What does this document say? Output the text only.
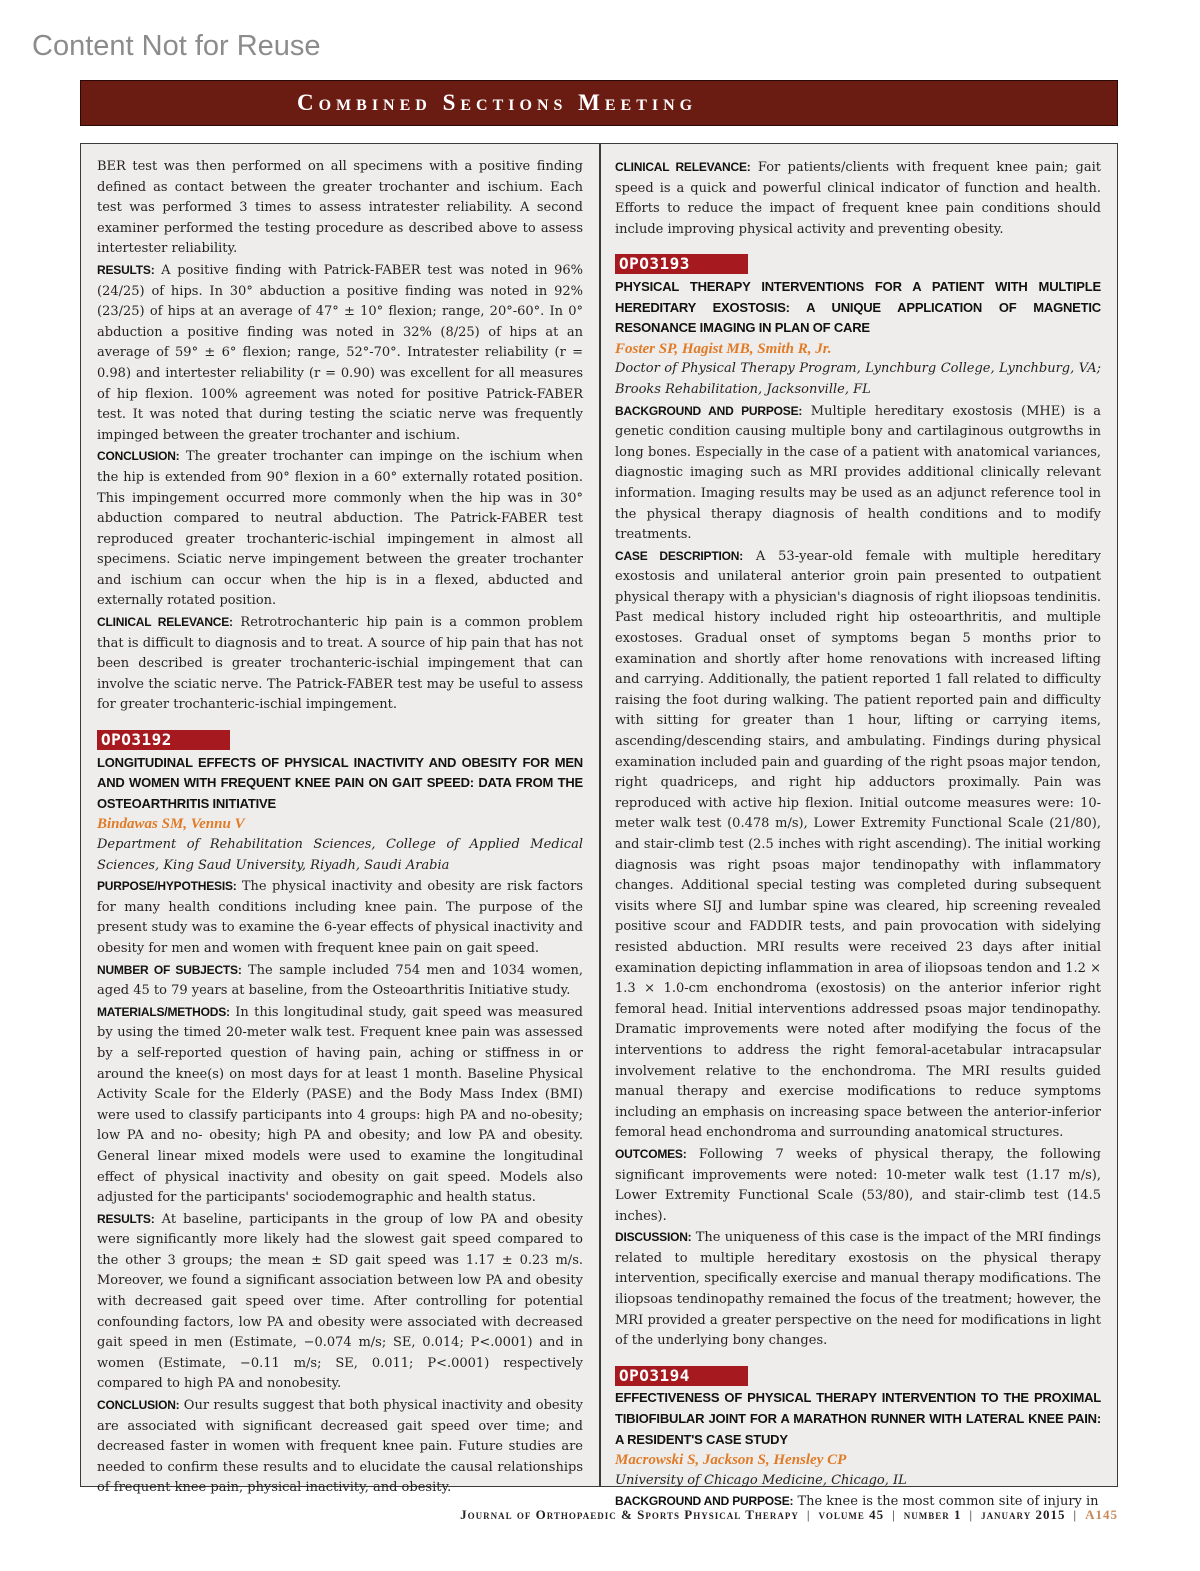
Content Not for Reuse
Combined Sections Meeting

BER test was then performed on all specimens with a positive finding defined as contact between the greater trochanter and ischium. Each test was performed 3 times to assess intratester reliability. A second examiner performed the testing procedure as described above to assess intertester reliability.

RESULTS: A positive finding with Patrick-FABER test was noted in 96% (24/25) of hips. In 30° abduction a positive finding was noted in 92% (23/25) of hips at an average of 47° ± 10° flexion; range, 20°-60°. In 0° abduction a positive finding was noted in 32% (8/25) of hips at an average of 59° ± 6° flexion; range, 52°-70°. Intratester reliability (r = 0.98) and intertester reliability (r = 0.90) was excellent for all measures of hip flexion. 100% agreement was noted for positive Patrick-FABER test. It was noted that during testing the sciatic nerve was frequently impinged between the greater trochanter and ischium.

CONCLUSION: The greater trochanter can impinge on the ischium when the hip is extended from 90° flexion in a 60° externally rotated position. This impingement occurred more commonly when the hip was in 30° abduction compared to neutral abduction. The Patrick-FABER test reproduced greater trochanteric-ischial impingement in almost all specimens. Sciatic nerve impingement between the greater trochanter and ischium can occur when the hip is in a flexed, abducted and externally rotated position.

CLINICAL RELEVANCE: Retrotrochanteric hip pain is a common problem that is difficult to diagnosis and to treat. A source of hip pain that has not been described is greater trochanteric-ischial impingement that can involve the sciatic nerve. The Patrick-FABER test may be useful to assess for greater trochanteric-ischial impingement.

OPO3192
LONGITUDINAL EFFECTS OF PHYSICAL INACTIVITY AND OBESITY FOR MEN AND WOMEN WITH FREQUENT KNEE PAIN ON GAIT SPEED: DATA FROM THE OSTEOARTHRITIS INITIATIVE
Bindawas SM, Vennu V
Department of Rehabilitation Sciences, College of Applied Medical Sciences, King Saud University, Riyadh, Saudi Arabia

PURPOSE/HYPOTHESIS: The physical inactivity and obesity are risk factors for many health conditions including knee pain. The purpose of the present study was to examine the 6-year effects of physical inactivity and obesity for men and women with frequent knee pain on gait speed.

NUMBER OF SUBJECTS: The sample included 754 men and 1034 women, aged 45 to 79 years at baseline, from the Osteoarthritis Initiative study.

MATERIALS/METHODS: In this longitudinal study, gait speed was measured by using the timed 20-meter walk test. Frequent knee pain was assessed by a self-reported question of having pain, aching or stiffness in or around the knee(s) on most days for at least 1 month. Baseline Physical Activity Scale for the Elderly (PASE) and the Body Mass Index (BMI) were used to classify participants into 4 groups: high PA and no-obesity; low PA and no- obesity; high PA and obesity; and low PA and obesity. General linear mixed models were used to examine the longitudinal effect of physical inactivity and obesity on gait speed. Models also adjusted for the participants' sociodemographic and health status.

RESULTS: At baseline, participants in the group of low PA and obesity were significantly more likely had the slowest gait speed compared to the other 3 groups; the mean ± SD gait speed was 1.17 ± 0.23 m/s. Moreover, we found a significant association between low PA and obesity with decreased gait speed over time. After controlling for potential confounding factors, low PA and obesity were associated with decreased gait speed in men (Estimate, −0.074 m/s; SE, 0.014; P<.0001) and in women (Estimate, −0.11 m/s; SE, 0.011; P<.0001) respectively compared to high PA and nonobesity.

CONCLUSION: Our results suggest that both physical inactivity and obesity are associated with significant decreased gait speed over time; and decreased faster in women with frequent knee pain. Future studies are needed to confirm these results and to elucidate the causal relationships of frequent knee pain, physical inactivity, and obesity.

CLINICAL RELEVANCE: For patients/clients with frequent knee pain; gait speed is a quick and powerful clinical indicator of function and health. Efforts to reduce the impact of frequent knee pain conditions should include improving physical activity and preventing obesity.

OPO3193
PHYSICAL THERAPY INTERVENTIONS FOR A PATIENT WITH MULTIPLE HEREDITARY EXOSTOSIS: A UNIQUE APPLICATION OF MAGNETIC RESONANCE IMAGING IN PLAN OF CARE
Foster SP, Hagist MB, Smith R, Jr.
Doctor of Physical Therapy Program, Lynchburg College, Lynchburg, VA; Brooks Rehabilitation, Jacksonville, FL

BACKGROUND AND PURPOSE: Multiple hereditary exostosis (MHE) is a genetic condition causing multiple bony and cartilaginous outgrowths in long bones. Especially in the case of a patient with anatomical variances, diagnostic imaging such as MRI provides additional clinically relevant information. Imaging results may be used as an adjunct reference tool in the physical therapy diagnosis of health conditions and to modify treatments.

CASE DESCRIPTION: A 53-year-old female with multiple hereditary exostosis and unilateral anterior groin pain presented to outpatient physical therapy with a physician's diagnosis of right iliopsoas tendinitis. Past medical history included right hip osteoarthritis, and multiple exostoses. Gradual onset of symptoms began 5 months prior to examination and shortly after home renovations with increased lifting and carrying. Additionally, the patient reported 1 fall related to difficulty raising the foot during walking. The patient reported pain and difficulty with sitting for greater than 1 hour, lifting or carrying items, ascending/descending stairs, and ambulating. Findings during physical examination included pain and guarding of the right psoas major tendon, right quadriceps, and right hip adductors proximally. Pain was reproduced with active hip flexion. Initial outcome measures were: 10-meter walk test (0.478 m/s), Lower Extremity Functional Scale (21/80), and stair-climb test (2.5 inches with right ascending). The initial working diagnosis was right psoas major tendinopathy with inflammatory changes. Additional special testing was completed during subsequent visits where SIJ and lumbar spine was cleared, hip screening revealed positive scour and FADDIR tests, and pain provocation with sidelying resisted abduction. MRI results were received 23 days after initial examination depicting inflammation in area of iliopsoas tendon and 1.2 × 1.3 × 1.0-cm enchondroma (exostosis) on the anterior inferior right femoral head. Initial interventions addressed psoas major tendinopathy. Dramatic improvements were noted after modifying the focus of the interventions to address the right femoral-acetabular intracapsular involvement relative to the enchondroma. The MRI results guided manual therapy and exercise modifications to reduce symptoms including an emphasis on increasing space between the anterior-inferior femoral head enchondroma and surrounding anatomical structures.

OUTCOMES: Following 7 weeks of physical therapy, the following significant improvements were noted: 10-meter walk test (1.17 m/s), Lower Extremity Functional Scale (53/80), and stair-climb test (14.5 inches).

DISCUSSION: The uniqueness of this case is the impact of the MRI findings related to multiple hereditary exostosis on the physical therapy intervention, specifically exercise and manual therapy modifications. The iliopsoas tendinopathy remained the focus of the treatment; however, the MRI provided a greater perspective on the need for modifications in light of the underlying bony changes.

OPO3194
EFFECTIVENESS OF PHYSICAL THERAPY INTERVENTION TO THE PROXIMAL TIBIOFIBULAR JOINT FOR A MARATHON RUNNER WITH LATERAL KNEE PAIN: A RESIDENT'S CASE STUDY
Macrowski S, Jackson S, Hensley CP
University of Chicago Medicine, Chicago, IL

BACKGROUND AND PURPOSE: The knee is the most common site of injury in

Journal of Orthopaedic & Sports Physical Therapy | volume 45 | number 1 | january 2015 | A145
